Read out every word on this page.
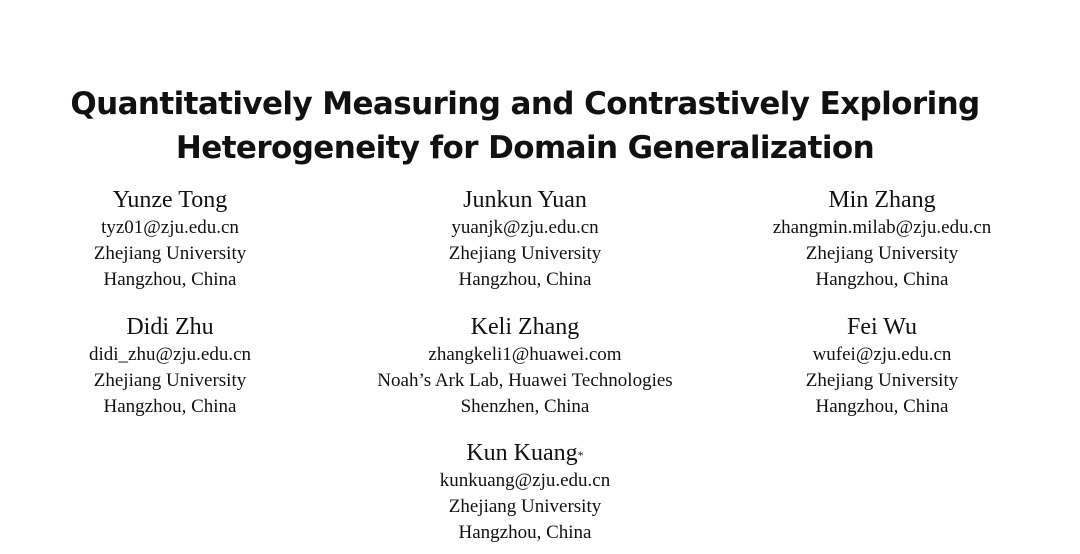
Quantitatively Measuring and Contrastively Exploring
Heterogeneity for Domain Generalization
Yunze Tong
tyz01@zju.edu.cn
Zhejiang University
Hangzhou, China
Junkun Yuan
yuanjk@zju.edu.cn
Zhejiang University
Hangzhou, China
Min Zhang
zhangmin.milab@zju.edu.cn
Zhejiang University
Hangzhou, China
Didi Zhu
didi_zhu@zju.edu.cn
Zhejiang University
Hangzhou, China
Keli Zhang
zhangkeli1@huawei.com
Noah’s Ark Lab, Huawei Technologies
Shenzhen, China
Fei Wu
wufei@zju.edu.cn
Zhejiang University
Hangzhou, China
Kun Kuang*
kunkuang@zju.edu.cn
Zhejiang University
Hangzhou, China
